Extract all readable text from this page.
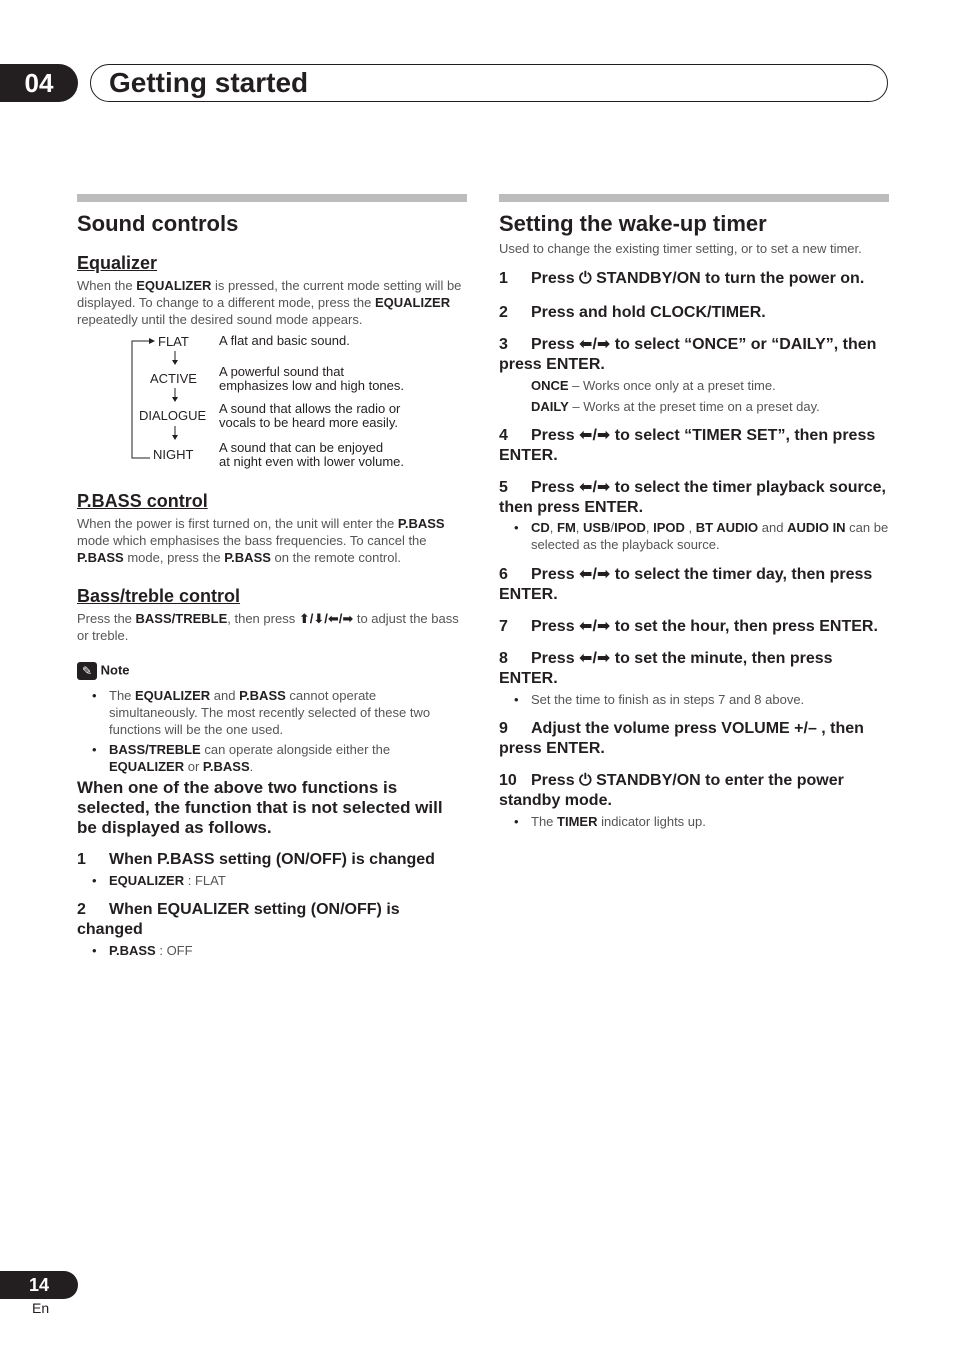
04	Getting started
Sound controls
Equalizer

When the EQUALIZER is pressed, the current mode setting will be displayed. To change to a different mode, press the EQUALIZER repeatedly until the desired sound mode appears.

FLAT
ACTIVE
DIALOGUE
NIGHT
A flat and basic sound.
A powerful sound that
emphasizes low and high tones.
A sound that allows the radio or
vocals to be heard more easily.
A sound that can be enjoyed
at night even with lower volume.
P.BASS control

When the power is first turned on, the unit will enter the P.BASS mode which emphasises the bass frequencies. To cancel the P.BASS mode, press the P.BASS on the remote control.

Bass/treble control

Press the BASS/TREBLE, then press ⬆/⬇/⬅/➡ to adjust the bass or treble.

✎ Note

• The EQUALIZER and P.BASS cannot operate simultaneously. The most recently selected of these two functions will be the one used.

• BASS/TREBLE can operate alongside either the EQUALIZER or P.BASS.

When one of the above two functions is selected, the function that is not selected will be displayed as follows.

1 When P.BASS setting (ON/OFF) is changed

• EQUALIZER : FLAT

2 When EQUALIZER setting (ON/OFF) is changed

• P.BASS : OFF

Setting the wake-up timer

Used to change the existing timer setting, or to set a new timer.

1 Press ⏻ STANDBY/ON to turn the power on.

2 Press and hold CLOCK/TIMER.

3 Press ⬅/➡ to select “ONCE” or “DAILY”, then press ENTER.

ONCE – Works once only at a preset time.

DAILY – Works at the preset time on a preset day.

4 Press ⬅/➡ to select “TIMER SET”, then press ENTER.

5 Press ⬅/➡ to select the timer playback source, then press ENTER.

• CD, FM, USB/IPOD, IPOD , BT AUDIO and AUDIO IN can be selected as the playback source.

6 Press ⬅/➡ to select the timer day, then press ENTER.

7 Press ⬅/➡ to set the hour, then press ENTER.

8 Press ⬅/➡ to set the minute, then press ENTER.

• Set the time to finish as in steps 7 and 8 above.

9 Adjust the volume press VOLUME +/– , then press ENTER.

10 Press ⏻ STANDBY/ON to enter the power standby mode.

• The TIMER indicator lights up.

14
En
